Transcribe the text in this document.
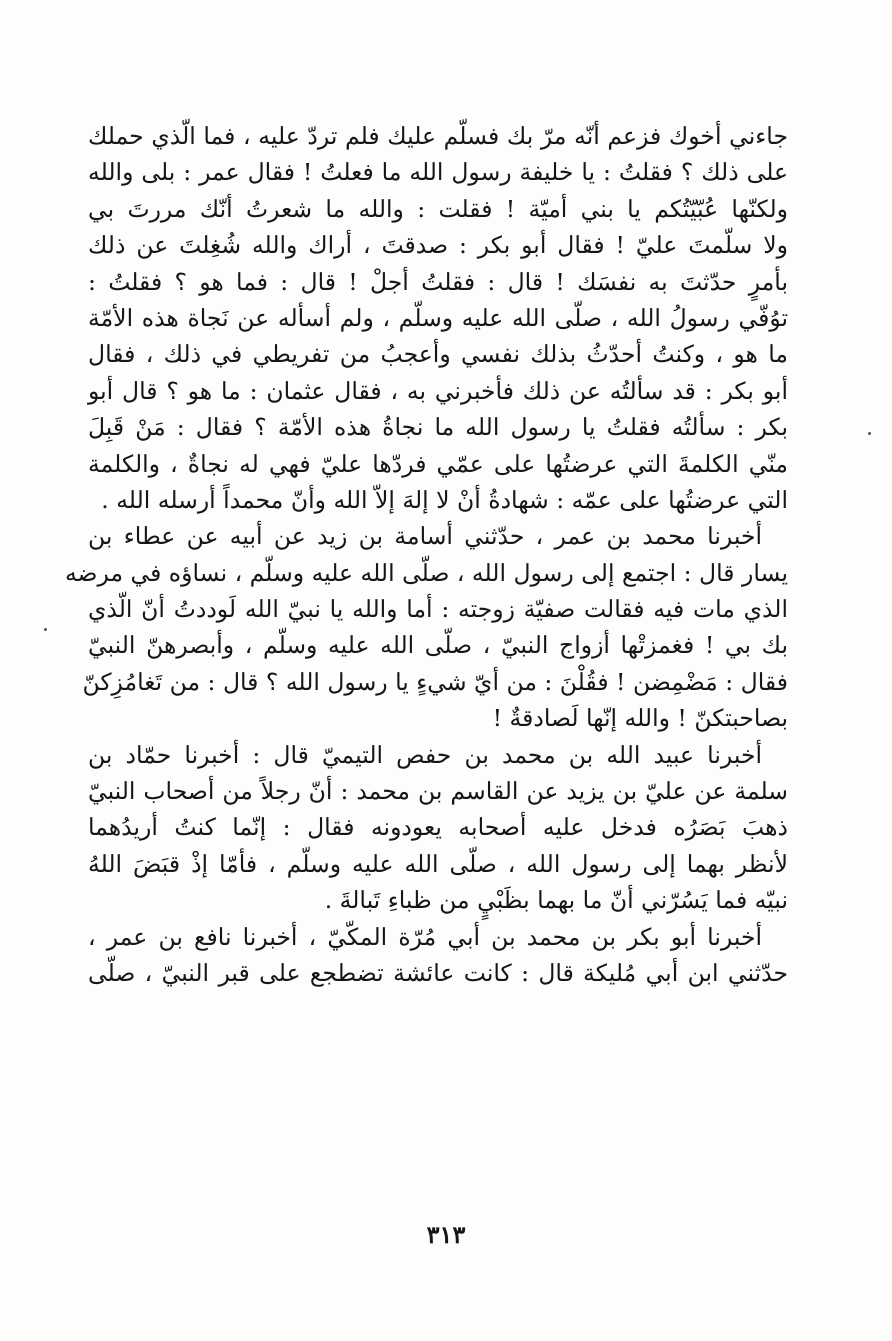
جاءني أخوك فزعم أنّه مرّ بك فسلّم عليك فلم تردّ عليه ، فما الّذي حملك
على ذلك ؟ فقلتُ : يا خليفة رسول الله ما فعلتُ ! فقال عمر : بلى والله
ولكنّها عُبّيّتُكم يا بني أميّة ! فقلت : والله ما شعرتُ أنّك مررتَ بي
ولا سلّمتَ عليّ ! فقال أبو بكر : صدقتَ ، أراك والله شُغِلتَ عن ذلك
بأمرٍ حدّثتَ به نفسَك ! قال : فقلتُ أجلْ ! قال : فما هو ؟ فقلتُ :
توُفّي رسولُ الله ، صلّى الله عليه وسلّم ، ولم أسأله عن نَجاة هذه الأمّة
ما هو ، وكنتُ أحدّثُ بذلك نفسي وأعجبُ من تفريطي في ذلك ، فقال
أبو بكر : قد سألتُه عن ذلك فأخبرني به ، فقال عثمان : ما هو ؟ قال أبو
بكر : سألتُه فقلتُ يا رسول الله ما نجاةُ هذه الأمّة ؟ فقال : مَنْ قَبِلَ
منّي الكلمةَ التي عرضتُها على عمّي فردّها عليّ فهي له نجاةٌ ، والكلمة
التي عرضتُها على عمّه : شهادةُ أنْ لا إلهَ إلاّ الله وأنّ محمداً أرسله الله .
أخبرنا محمد بن عمر ، حدّثني أسامة بن زيد عن أبيه عن عطاء بن
يسار قال : اجتمع إلى رسول الله ، صلّى الله عليه وسلّم ، نساؤه في مرضه
الذي مات فيه فقالت صفيّة زوجته : أما والله يا نبيّ الله لَوددتُ أنّ الّذي
بك بي ! فغمزتْها أزواج النبيّ ، صلّى الله عليه وسلّم ، وأبصرهنّ النبيّ
فقال : مَضْمِضن ! فقُلْنَ : من أيّ شيءٍ يا رسول الله ؟ قال : من تَغامُزِكنّ
بصاحبتكنّ ! والله إنّها لَصادقةٌ !
أخبرنا عبيد الله بن محمد بن حفص التيميّ قال : أخبرنا حمّاد بن
سلمة عن عليّ بن يزيد عن القاسم بن محمد : أنّ رجلاً من أصحاب النبيّ
ذهبَ بَصَرُه فدخل عليه أصحابه يعودونه فقال : إنّما كنتُ أريدُهما
لأنظر بهما إلى رسول الله ، صلّى الله عليه وسلّم ، فأمّا إذْ قبَضَ اللهُ
نبيّه فما يَسُرّني أنّ ما بهما بظَبْيٍ من ظباءِ تَبالةَ .
أخبرنا أبو بكر بن محمد بن أبي مُرّة المكّيّ ، أخبرنا نافع بن عمر ،
حدّثني ابن أبي مُليكة قال : كانت عائشة تضطجع على قبر النبيّ ، صلّى
٣١٣
